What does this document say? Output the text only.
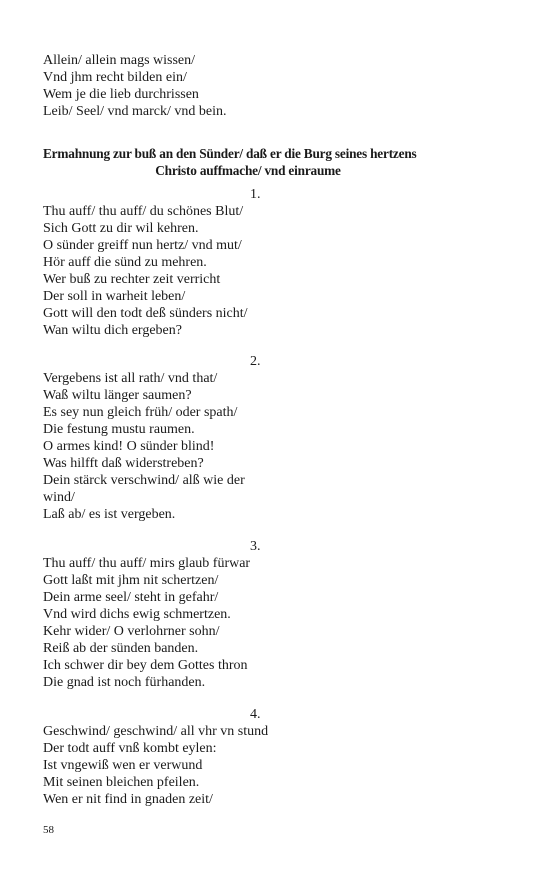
Allein/ allein mags wissen/

Vnd jhm recht bilden ein/

Wem je die lieb durchrissen

Leib/ Seel/ vnd marck/ vnd bein.

Ermahnung zur buß an den Sünder/ daß er die Burg seines hertzens
Christo auffmache/ vnd einraume
1.

Thu auff/ thu auff/ du schönes Blut/

Sich Gott zu dir wil kehren.

O sünder greiff nun hertz/ vnd mut/

Hör auff die sünd zu mehren.

Wer buß zu rechter zeit verricht

Der soll in warheit leben/

Gott will den todt deß sünders nicht/

Wan wiltu dich ergeben?

2.

Vergebens ist all rath/ vnd that/

Waß wiltu länger saumen?

Es sey nun gleich früh/ oder spath/

Die festung mustu raumen.

O armes kind! O sünder blind!

Was hilfft daß widerstreben?

Dein stärck verschwind/ alß wie der

wind/

Laß ab/ es ist vergeben.

3.

Thu auff/ thu auff/ mirs glaub fürwar

Gott laßt mit jhm nit schertzen/

Dein arme seel/ steht in gefahr/

Vnd wird dichs ewig schmertzen.

Kehr wider/ O verlohrner sohn/

Reiß ab der sünden banden.

Ich schwer dir bey dem Gottes thron

Die gnad ist noch fürhanden.

4.

Geschwind/ geschwind/ all vhr vn stund

Der todt auff vnß kombt eylen:

Ist vngewiß wen er verwund

Mit seinen bleichen pfeilen.

Wen er nit find in gnaden zeit/

58
